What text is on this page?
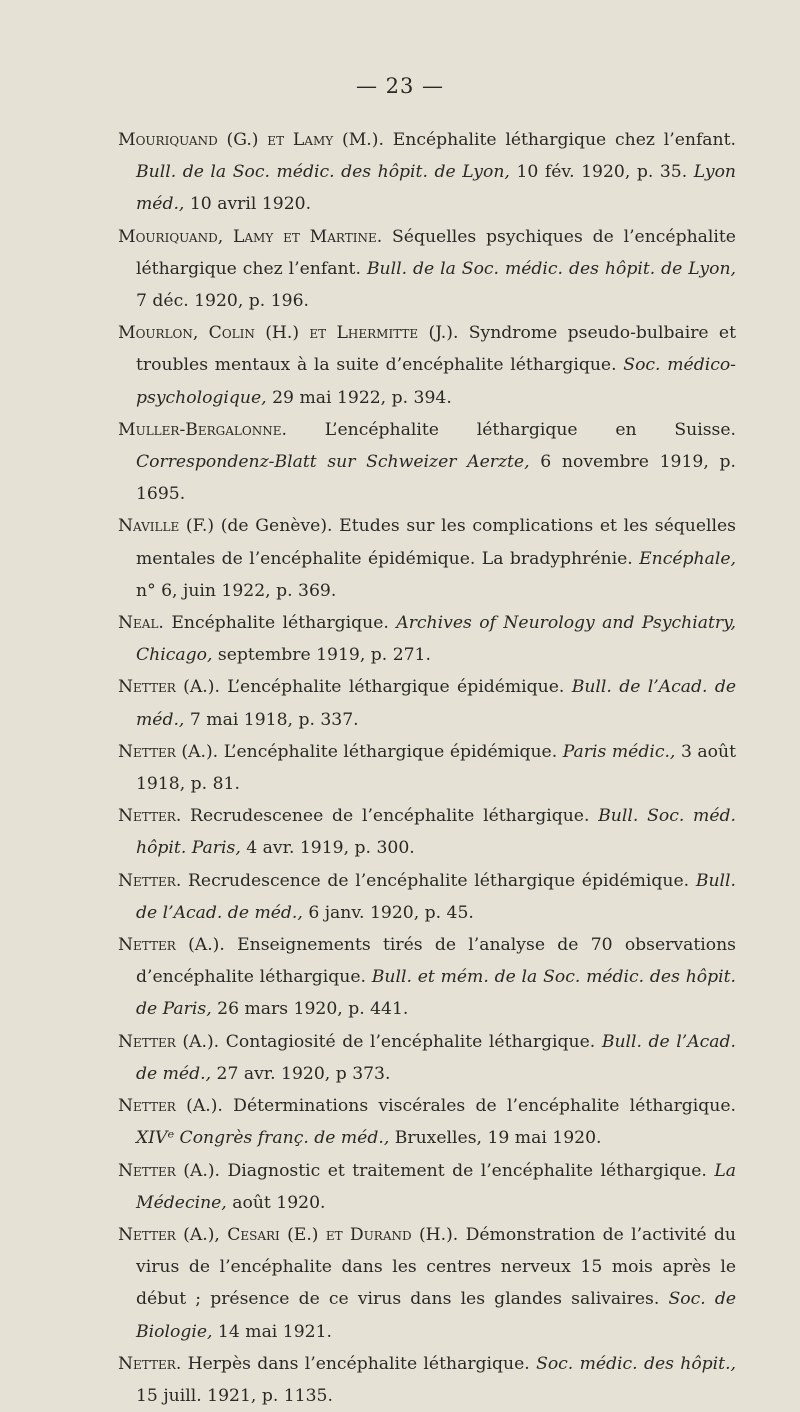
— 23 —
Mouriquand (G.) et Lamy (M.). Encéphalite léthargique chez l’enfant. Bull. de la Soc. médic. des hôpit. de Lyon, 10 fév. 1920, p. 35. Lyon méd., 10 avril 1920.
Mouriquand, Lamy et Martine. Séquelles psychiques de l’encéphalite léthargique chez l’enfant. Bull. de la Soc. médic. des hôpit. de Lyon, 7 déc. 1920, p. 196.
Mourlon, Colin (H.) et Lhermitte (J.). Syndrome pseudo-bulbaire et troubles mentaux à la suite d’encéphalite léthargique. Soc. médico-psychologique, 29 mai 1922, p. 394.
Muller-Bergalonne. L’encéphalite léthargique en Suisse. Correspondenz-Blatt sur Schweizer Aerzte, 6 novembre 1919, p. 1695.
Naville (F.) (de Genève). Etudes sur les complications et les séquelles mentales de l’encéphalite épidémique. La bradyphrénie. Encéphale, n° 6, juin 1922, p. 369.
Neal. Encéphalite léthargique. Archives of Neurology and Psychiatry, Chicago, septembre 1919, p. 271.
Netter (A.). L’encéphalite léthargique épidémique. Bull. de l’Acad. de méd., 7 mai 1918, p. 337.
Netter (A.). L’encéphalite léthargique épidémique. Paris médic., 3 août 1918, p. 81.
Netter. Recrudescenee de l’encéphalite léthargique. Bull. Soc. méd. hôpit. Paris, 4 avr. 1919, p. 300.
Netter. Recrudescence de l’encéphalite léthargique épidémique. Bull. de l’Acad. de méd., 6 janv. 1920, p. 45.
Netter (A.). Enseignements tirés de l’analyse de 70 observations d’encéphalite léthargique. Bull. et mém. de la Soc. médic. des hôpit. de Paris, 26 mars 1920, p. 441.
Netter (A.). Contagiosité de l’encéphalite léthargique. Bull. de l’Acad. de méd., 27 avr. 1920, p 373.
Netter (A.). Déterminations viscérales de l’encéphalite léthargique. XIVᵉ Congrès franç. de méd., Bruxelles, 19 mai 1920.
Netter (A.). Diagnostic et traitement de l’encéphalite léthargique. La Médecine, août 1920.
Netter (A.), Cesari (E.) et Durand (H.). Démonstration de l’activité du virus de l’encéphalite dans les centres nerveux 15 mois après le début ; présence de ce virus dans les glandes salivaires. Soc. de Biologie, 14 mai 1921.
Netter. Herpès dans l’encéphalite léthargique. Soc. médic. des hôpit., 15 juill. 1921, p. 1135.
